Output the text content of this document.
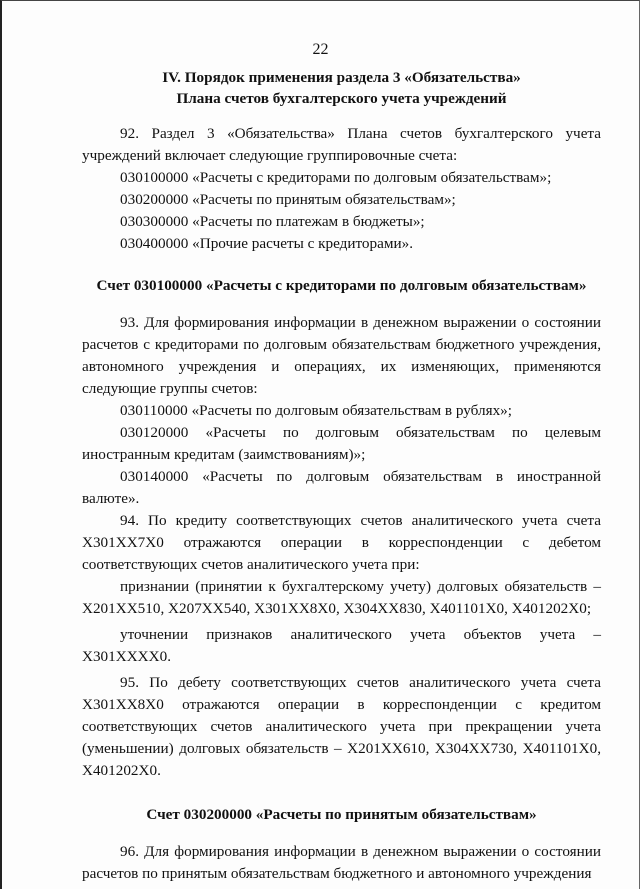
22
IV. Порядок применения раздела 3 «Обязательства»
Плана счетов бухгалтерского учета учреждений

92. Раздел 3 «Обязательства» Плана счетов бухгалтерского учета учреждений включает следующие группировочные счета:

030100000 «Расчеты с кредиторами по долговым обязательствам»;

030200000 «Расчеты по принятым обязательствам»;

030300000 «Расчеты по платежам в бюджеты»;

030400000 «Прочие расчеты с кредиторами».

Счет 030100000 «Расчеты с кредиторами по долговым обязательствам»

93. Для формирования информации в денежном выражении о состоянии расчетов с кредиторами по долговым обязательствам бюджетного учреждения, автономного учреждения и операциях, их изменяющих, применяются следующие группы счетов:

030110000 «Расчеты по долговым обязательствам в рублях»;

030120000 «Расчеты по долговым обязательствам по целевым иностранным кредитам (заимствованиям)»;

030140000 «Расчеты по долговым обязательствам в иностранной валюте».

94. По кредиту соответствующих счетов аналитического учета счета X301XX7X0 отражаются операции в корреспонденции с дебетом соответствующих счетов аналитического учета при:

признании (принятии к бухгалтерскому учету) долговых обязательств – X201XX510, X207XX540, X301XX8X0, X304XX830, X401101X0, X401202X0;

уточнении признаков аналитического учета объектов учета – X301XXXX0.

95. По дебету соответствующих счетов аналитического учета счета X301XX8X0 отражаются операции в корреспонденции с кредитом соответствующих счетов аналитического учета при прекращении учета (уменьшении) долговых обязательств – X201XX610, X304XX730, X401101X0, X401202X0.

Счет 030200000 «Расчеты по принятым обязательствам»

96. Для формирования информации в денежном выражении о состоянии расчетов по принятым обязательствам бюджетного и автономного учреждения
